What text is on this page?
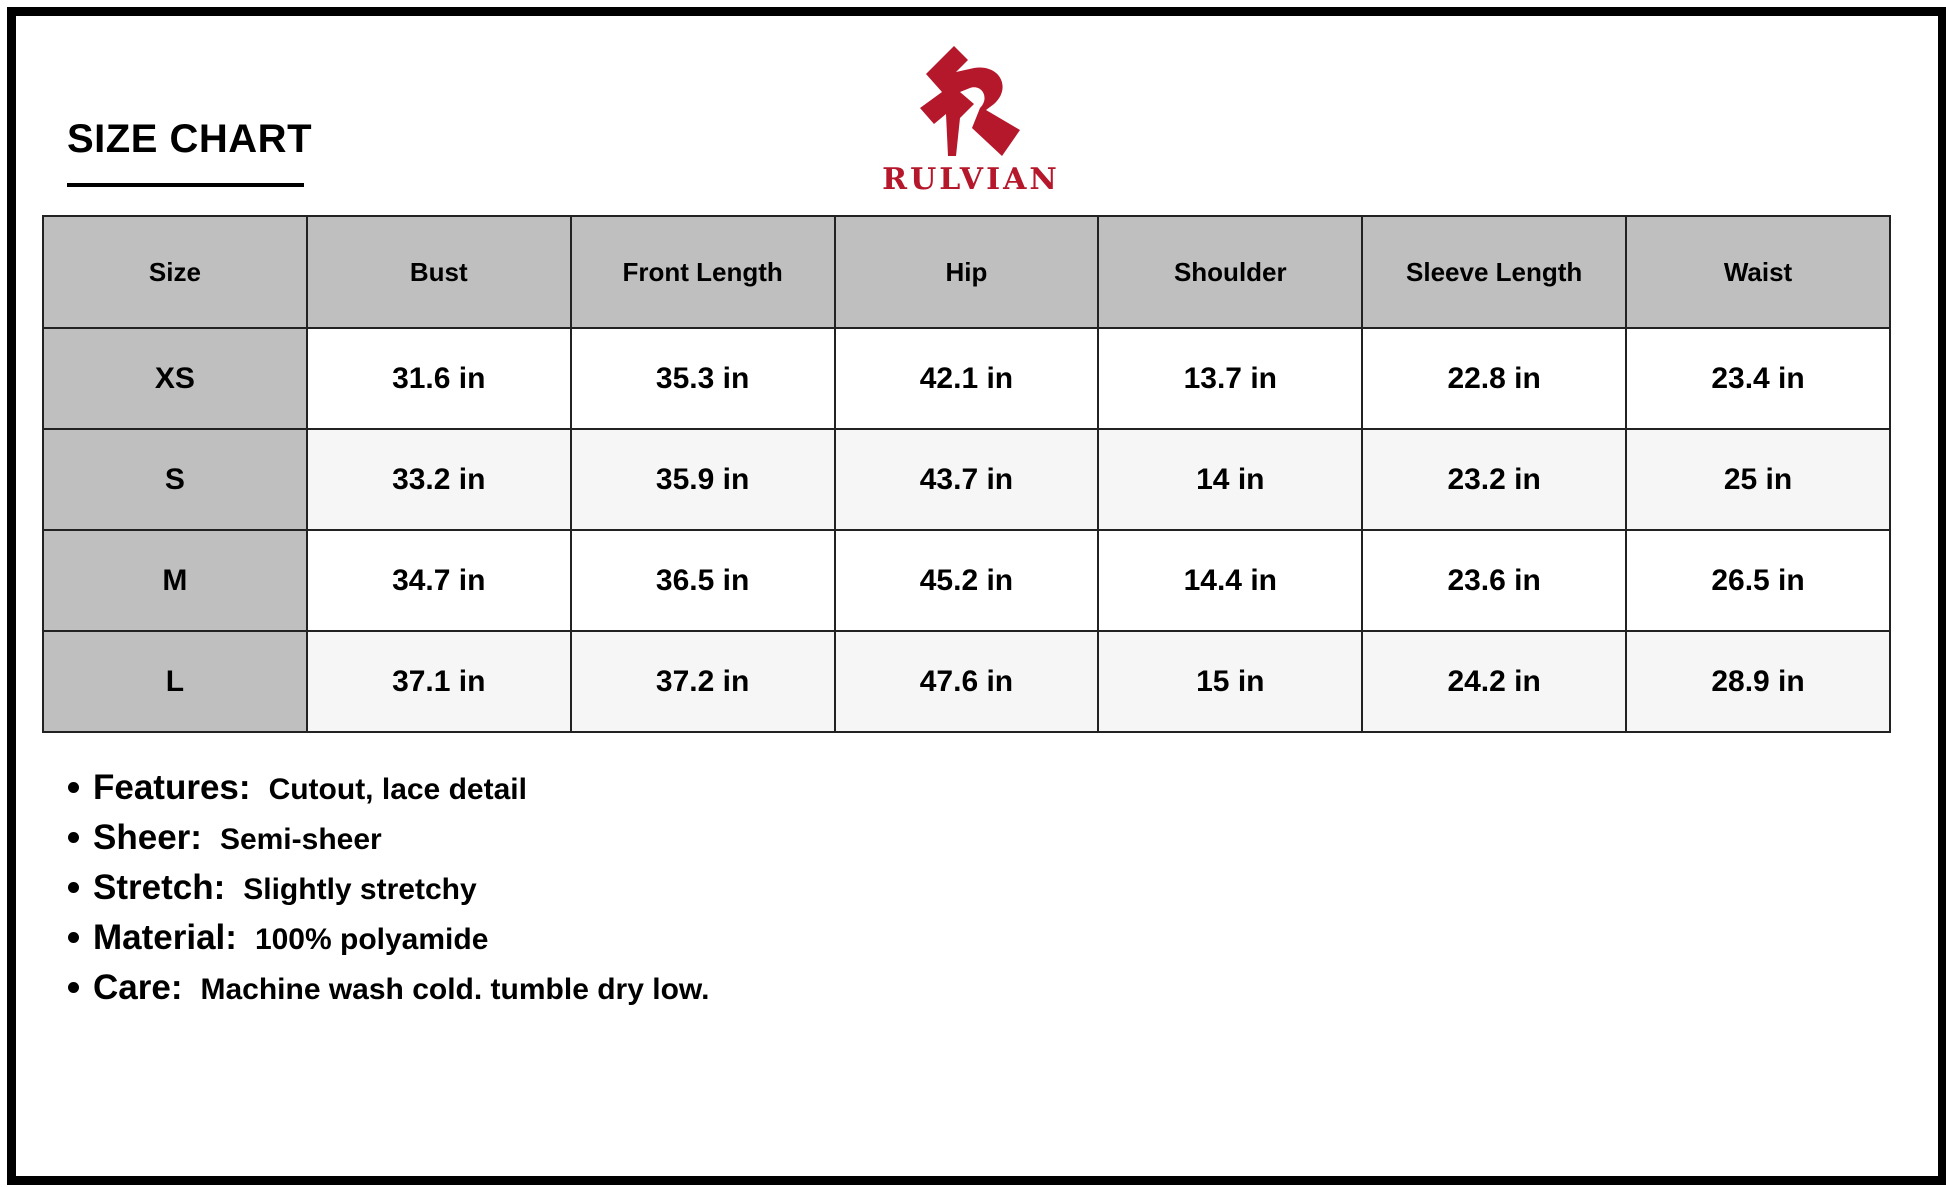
SIZE CHART
RULVIAN
Size	Bust	Front Length	Hip	Shoulder	Sleeve Length	Waist
XS	31.6 in	35.3 in	42.1 in	13.7 in	22.8 in	23.4 in
S	33.2 in	35.9 in	43.7 in	14 in	23.2 in	25 in
M	34.7 in	36.5 in	45.2 in	14.4 in	23.6 in	26.5 in
L	37.1 in	37.2 in	47.6 in	15 in	24.2 in	28.9 in
Features: Cutout, lace detail
Sheer: Semi-sheer
Stretch: Slightly stretchy
Material: 100% polyamide
Care: Machine wash cold. tumble dry low.
